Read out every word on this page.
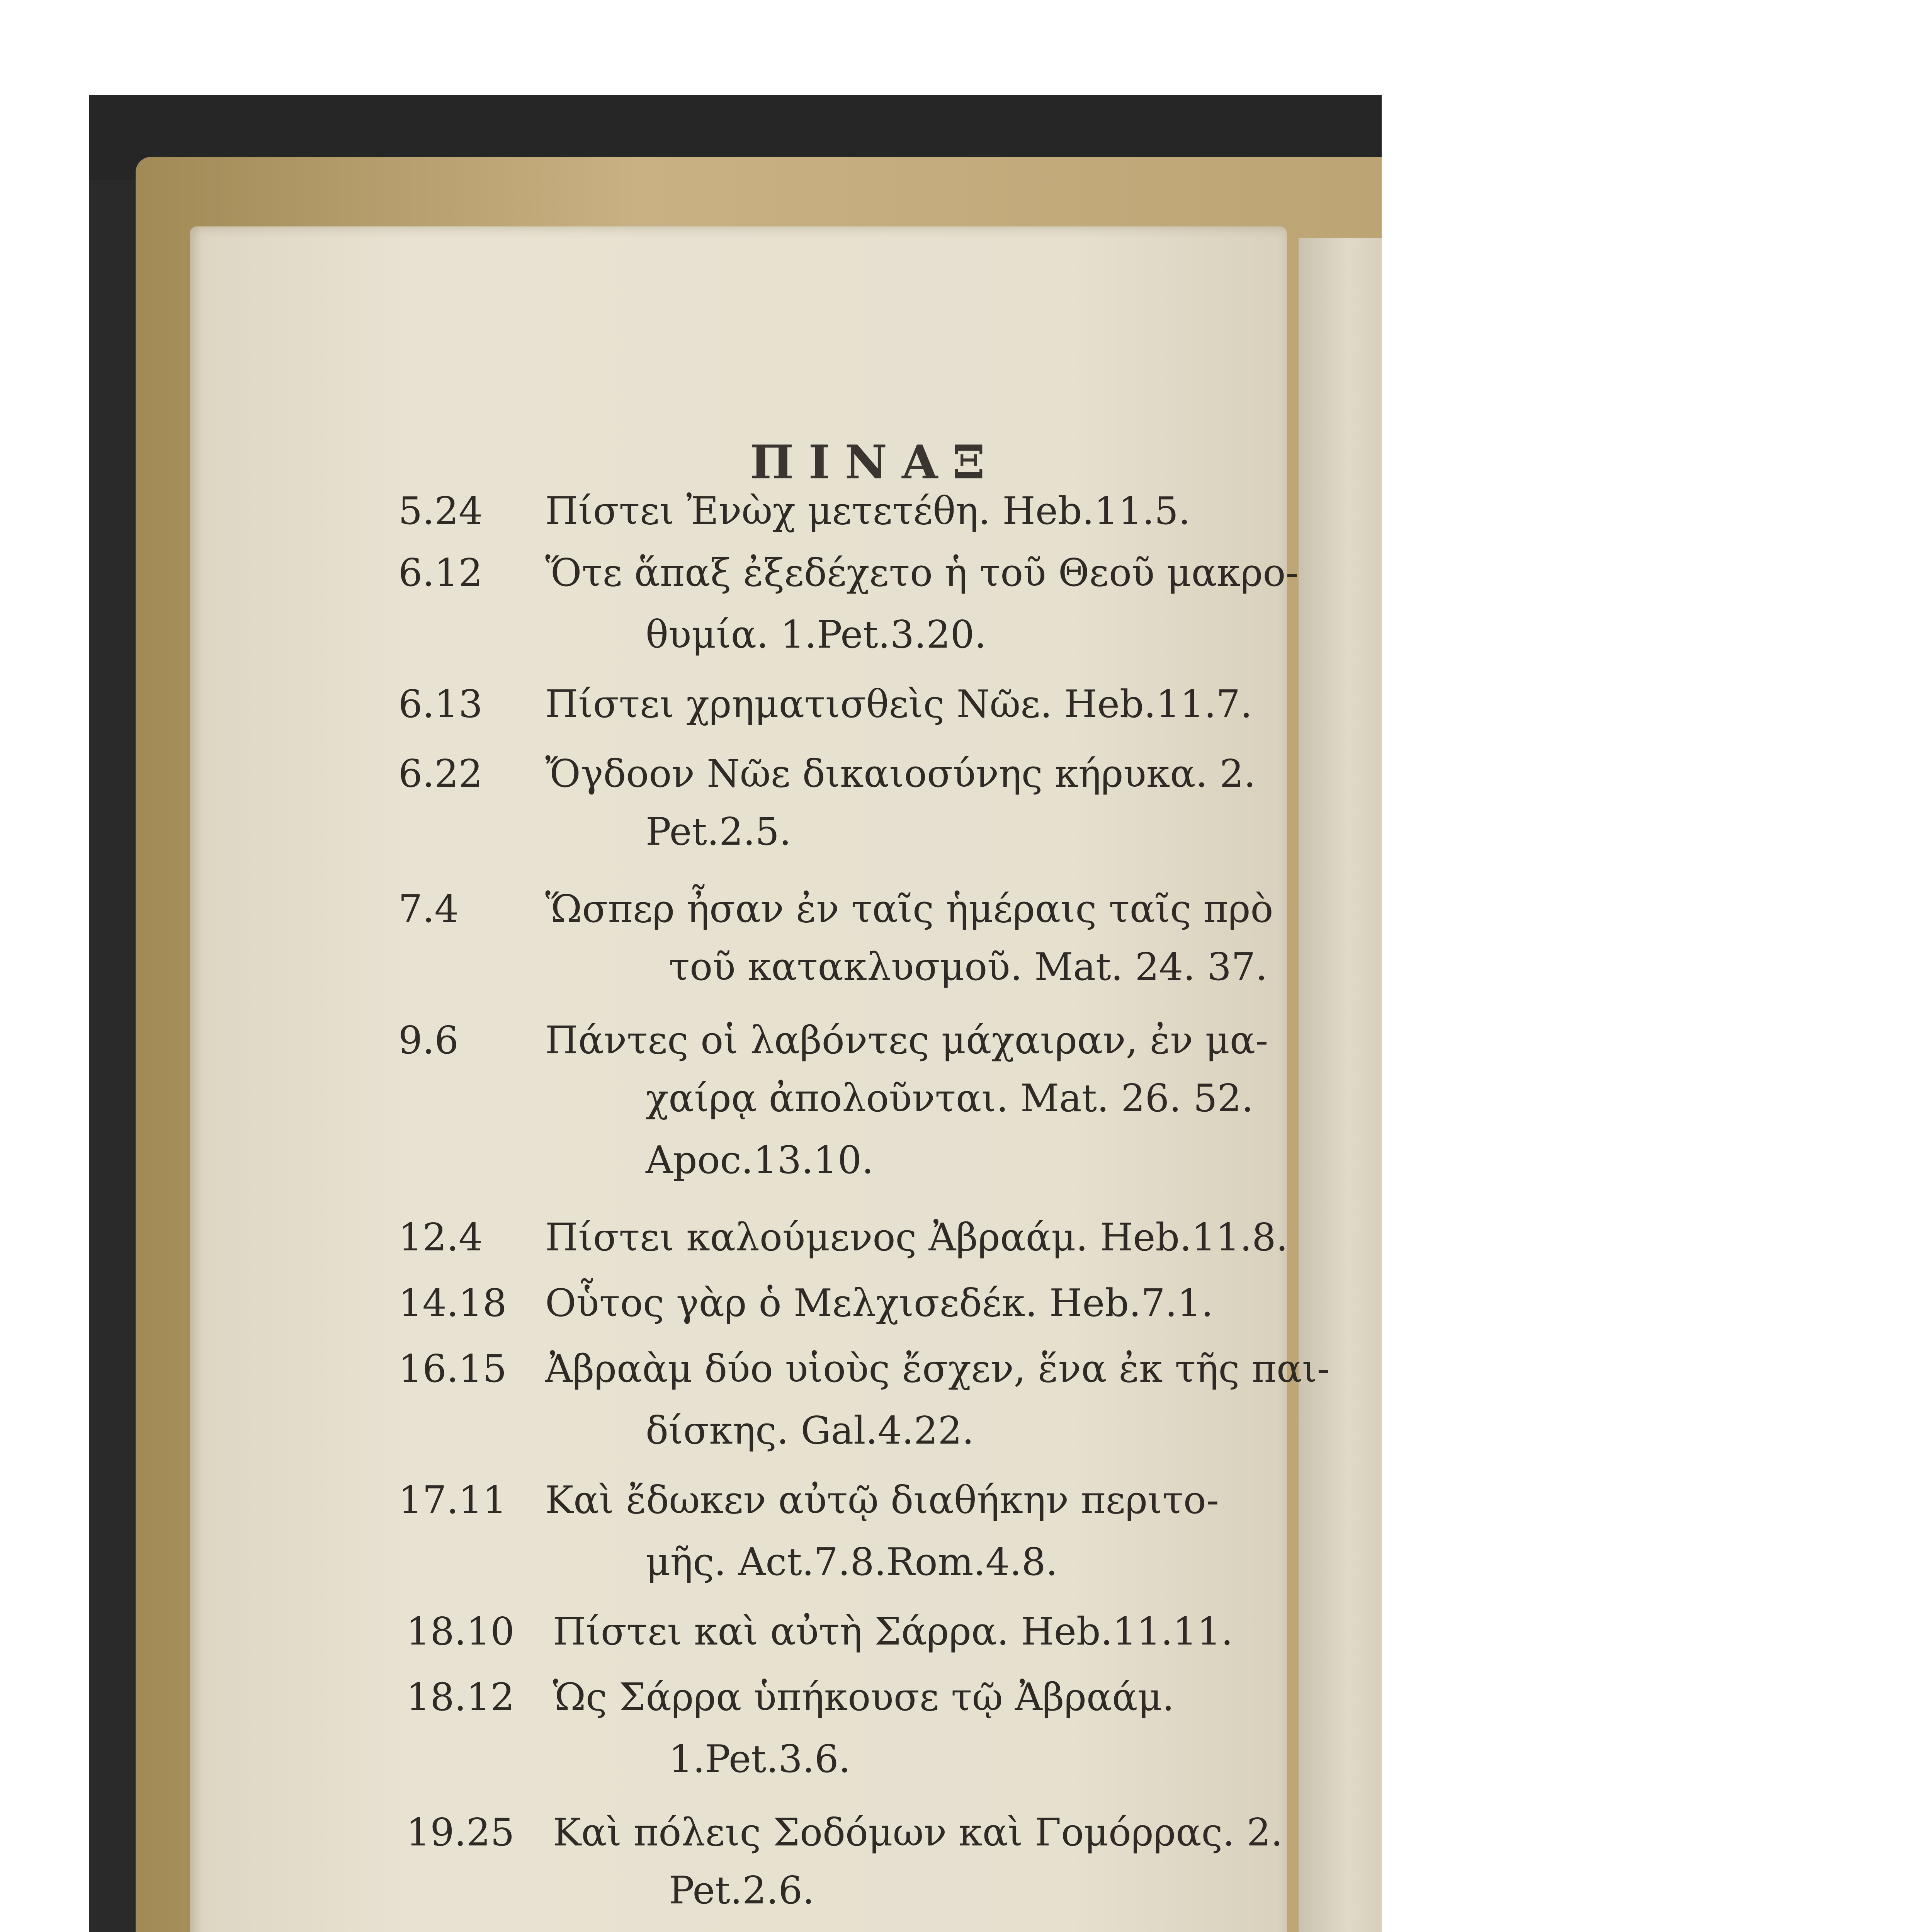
ΠΙΝΑΞ
5.24 Πίστει Ἐνὼχ μετετέθη. Heb.11.5.
6.12 Ὅτε ἅπαξ ἐξεδέχετο ἡ τοῦ Θεοῦ μακρο-
θυμία. 1.Pet.3.20.
6.13 Πίστει χρηματισθεὶς Νῶε. Heb.11.7.
6.22 Ὄγδοον Νῶε δικαιοσύνης κήρυκα. 2.
Pet.2.5.
7.4 Ὥσπερ ἦσαν ἐν ταῖς ἡμέραις ταῖς πρὸ
τοῦ κατακλυσμοῦ. Mat. 24. 37.
9.6 Πάντες οἱ λαβόντες μάχαιραν, ἐν μα-
χαίρᾳ ἀπολοῦνται. Mat. 26. 52.
Apoc.13.10.
12.4 Πίστει καλούμενος Ἀβραάμ. Heb.11.8.
14.18 Οὗτος γὰρ ὁ Μελχισεδέκ. Heb.7.1.
16.15 Ἀβραὰμ δύο υἱοὺς ἔσχεν, ἕνα ἐκ τῆς παι-
δίσκης. Gal.4.22.
17.11 Καὶ ἔδωκεν αὐτῷ διαθήκην περιτο-
μῆς. Act.7.8.Rom.4.8.
18.10 Πίστει καὶ αὐτὴ Σάρρα. Heb.11.11.
18.12 Ὡς Σάρρα ὑπήκουσε τῷ Ἀβραάμ.
1.Pet.3.6.
19.25 Καὶ πόλεις Σοδόμων καὶ Γομόρρας. 2.
Pet.2.6.
